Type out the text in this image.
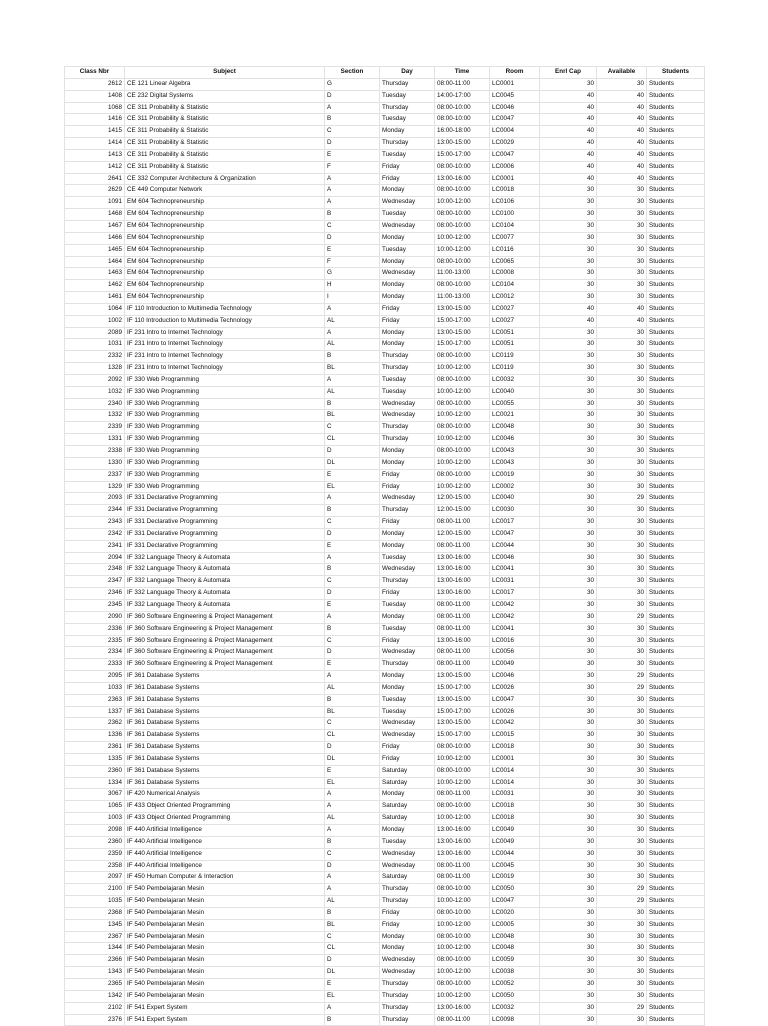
Class Nbr	Subject	Section	Day	Time	Room	Enrl Cap	Available	Students
2612	CE 121 Linear Algebra	G	Thursday	08:00-11:00	LC0001	30	30	Students
1408	CE 232 Digital Systems	D	Tuesday	14:00-17:00	LC0045	40	40	Students
1068	CE 311 Probability & Statistic	A	Thursday	08:00-10:00	LC0046	40	40	Students
1416	CE 311 Probability & Statistic	B	Tuesday	08:00-10:00	LC0047	40	40	Students
1415	CE 311 Probability & Statistic	C	Monday	16:00-18:00	LC0004	40	40	Students
1414	CE 311 Probability & Statistic	D	Thursday	13:00-15:00	LC0029	40	40	Students
1413	CE 311 Probability & Statistic	E	Tuesday	15:00-17:00	LC0047	40	40	Students
1412	CE 311 Probability & Statistic	F	Friday	08:00-10:00	LC0006	40	40	Students
2641	CE 332 Computer Architecture & Organization	A	Friday	13:00-16:00	LC0001	40	40	Students
2629	CE 449 Computer Network	A	Monday	08:00-10:00	LC0018	30	30	Students
1091	EM 604 Technopreneurship	A	Wednesday	10:00-12:00	LC0106	30	30	Students
1468	EM 604 Technopreneurship	B	Tuesday	08:00-10:00	LC0100	30	30	Students
1467	EM 604 Technopreneurship	C	Wednesday	08:00-10:00	LC0104	30	30	Students
1466	EM 604 Technopreneurship	D	Monday	10:00-12:00	LC0077	30	30	Students
1465	EM 604 Technopreneurship	E	Tuesday	10:00-12:00	LC0116	30	30	Students
1464	EM 604 Technopreneurship	F	Monday	08:00-10:00	LC0065	30	30	Students
1463	EM 604 Technopreneurship	G	Wednesday	11:00-13:00	LC0008	30	30	Students
1462	EM 604 Technopreneurship	H	Monday	08:00-10:00	LC0104	30	30	Students
1461	EM 604 Technopreneurship	I	Monday	11:00-13:00	LC0012	30	30	Students
1064	IF 110 Introduction to Multimedia Technology	A	Friday	13:00-15:00	LC0027	40	40	Students
1002	IF 110 Introduction to Multimedia Technology	AL	Friday	15:00-17:00	LC0027	40	40	Students
2089	IF 231 Intro to Internet Technology	A	Monday	13:00-15:00	LC0051	30	30	Students
1031	IF 231 Intro to Internet Technology	AL	Monday	15:00-17:00	LC0051	30	30	Students
2332	IF 231 Intro to Internet Technology	B	Thursday	08:00-10:00	LC0119	30	30	Students
1328	IF 231 Intro to Internet Technology	BL	Thursday	10:00-12:00	LC0119	30	30	Students
2092	IF 330 Web Programming	A	Tuesday	08:00-10:00	LC0032	30	30	Students
1032	IF 330 Web Programming	AL	Tuesday	10:00-12:00	LC0040	30	30	Students
2340	IF 330 Web Programming	B	Wednesday	08:00-10:00	LC0055	30	30	Students
1332	IF 330 Web Programming	BL	Wednesday	10:00-12:00	LC0021	30	30	Students
2339	IF 330 Web Programming	C	Thursday	08:00-10:00	LC0048	30	30	Students
1331	IF 330 Web Programming	CL	Thursday	10:00-12:00	LC0046	30	30	Students
2338	IF 330 Web Programming	D	Monday	08:00-10:00	LC0043	30	30	Students
1330	IF 330 Web Programming	DL	Monday	10:00-12:00	LC0043	30	30	Students
2337	IF 330 Web Programming	E	Friday	08:00-10:00	LC0019	30	30	Students
1329	IF 330 Web Programming	EL	Friday	10:00-12:00	LC0002	30	30	Students
2093	IF 331 Declarative Programming	A	Wednesday	12:00-15:00	LC0040	30	29	Students
2344	IF 331 Declarative Programming	B	Thursday	12:00-15:00	LC0030	30	30	Students
2343	IF 331 Declarative Programming	C	Friday	08:00-11:00	LC0017	30	30	Students
2342	IF 331 Declarative Programming	D	Monday	12:00-15:00	LC0047	30	30	Students
2341	IF 331 Declarative Programming	E	Monday	08:00-11:00	LC0044	30	30	Students
2094	IF 332 Language Theory & Automata	A	Tuesday	13:00-16:00	LC0046	30	30	Students
2348	IF 332 Language Theory & Automata	B	Wednesday	13:00-16:00	LC0041	30	30	Students
2347	IF 332 Language Theory & Automata	C	Thursday	13:00-16:00	LC0031	30	30	Students
2346	IF 332 Language Theory & Automata	D	Friday	13:00-16:00	LC0017	30	30	Students
2345	IF 332 Language Theory & Automata	E	Tuesday	08:00-11:00	LC0042	30	30	Students
2090	IF 360 Software Engineering & Project Management	A	Monday	08:00-11:00	LC0042	30	29	Students
2336	IF 360 Software Engineering & Project Management	B	Tuesday	08:00-11:00	LC0041	30	30	Students
2335	IF 360 Software Engineering & Project Management	C	Friday	13:00-16:00	LC0016	30	30	Students
2334	IF 360 Software Engineering & Project Management	D	Wednesday	08:00-11:00	LC0056	30	30	Students
2333	IF 360 Software Engineering & Project Management	E	Thursday	08:00-11:00	LC0049	30	30	Students
2095	IF 361 Database Systems	A	Monday	13:00-15:00	LC0046	30	29	Students
1033	IF 361 Database Systems	AL	Monday	15:00-17:00	LC0026	30	29	Students
2363	IF 361 Database Systems	B	Tuesday	13:00-15:00	LC0047	30	30	Students
1337	IF 361 Database Systems	BL	Tuesday	15:00-17:00	LC0026	30	30	Students
2362	IF 361 Database Systems	C	Wednesday	13:00-15:00	LC0042	30	30	Students
1336	IF 361 Database Systems	CL	Wednesday	15:00-17:00	LC0015	30	30	Students
2361	IF 361 Database Systems	D	Friday	08:00-10:00	LC0018	30	30	Students
1335	IF 361 Database Systems	DL	Friday	10:00-12:00	LC0001	30	30	Students
2360	IF 361 Database Systems	E	Saturday	08:00-10:00	LC0014	30	30	Students
1334	IF 361 Database Systems	EL	Saturday	10:00-12:00	LC0014	30	30	Students
3067	IF 420 Numerical Analysis	A	Monday	08:00-11:00	LC0031	30	30	Students
1065	IF 433 Object Oriented Programming	A	Saturday	08:00-10:00	LC0018	30	30	Students
1003	IF 433 Object Oriented Programming	AL	Saturday	10:00-12:00	LC0018	30	30	Students
2098	IF 440 Artificial Intelligence	A	Monday	13:00-16:00	LC0049	30	30	Students
2360	IF 440 Artificial Intelligence	B	Tuesday	13:00-16:00	LC0049	30	30	Students
2359	IF 440 Artificial Intelligence	C	Wednesday	13:00-16:00	LC0044	30	30	Students
2358	IF 440 Artificial Intelligence	D	Wednesday	08:00-11:00	LC0045	30	30	Students
2097	IF 450 Human Computer & Interaction	A	Saturday	08:00-11:00	LC0019	30	30	Students
2100	IF 540 Pembelajaran Mesin	A	Thursday	08:00-10:00	LC0050	30	29	Students
1035	IF 540 Pembelajaran Mesin	AL	Thursday	10:00-12:00	LC0047	30	29	Students
2368	IF 540 Pembelajaran Mesin	B	Friday	08:00-10:00	LC0020	30	30	Students
1345	IF 540 Pembelajaran Mesin	BL	Friday	10:00-12:00	LC0005	30	30	Students
2367	IF 540 Pembelajaran Mesin	C	Monday	08:00-10:00	LC0048	30	30	Students
1344	IF 540 Pembelajaran Mesin	CL	Monday	10:00-12:00	LC0048	30	30	Students
2366	IF 540 Pembelajaran Mesin	D	Wednesday	08:00-10:00	LC0059	30	30	Students
1343	IF 540 Pembelajaran Mesin	DL	Wednesday	10:00-12:00	LC0038	30	30	Students
2365	IF 540 Pembelajaran Mesin	E	Thursday	08:00-10:00	LC0052	30	30	Students
1342	IF 540 Pembelajaran Mesin	EL	Thursday	10:00-12:00	LC0050	30	30	Students
2102	IF 541 Expert System	A	Thursday	13:00-16:00	LC0032	30	29	Students
2376	IF 541 Expert System	B	Thursday	08:00-11:00	LC0098	30	30	Students
